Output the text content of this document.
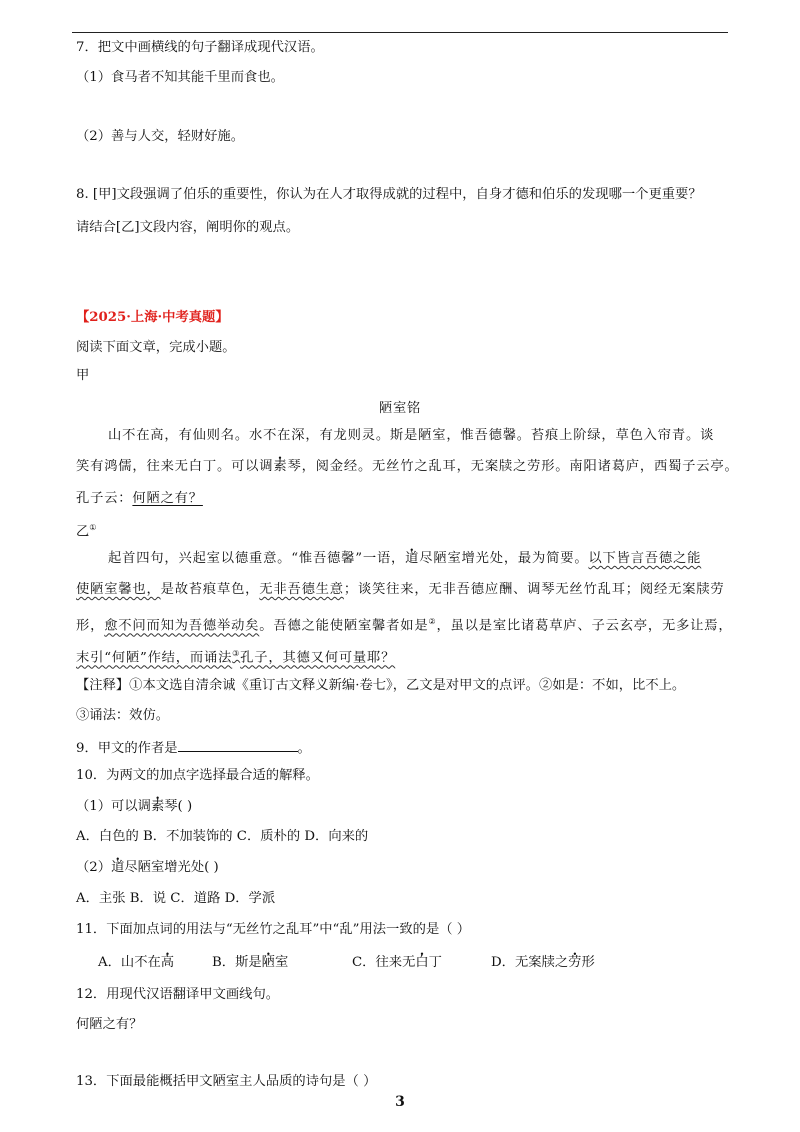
7．把文中画横线的句子翻译成现代汉语。
（1）食马者不知其能千里而食也。
（2）善与人交，轻财好施。
8. [甲]文段强调了伯乐的重要性，你认为在人才取得成就的过程中，自身才德和伯乐的发现哪一个更重要？
请结合[乙]文段内容，阐明你的观点。
【2025·上海·中考真题】
阅读下面文章，完成小题。
甲
陋室铭
山不在高，有仙则名。水不在深，有龙则灵。斯是陋室，惟吾德馨。苔痕上阶绿，草色入帘青。谈
笑有鸿儒，往来无白丁。可以调素琴，阅金经。无丝竹之乱耳，无案牍之劳形。南阳诸葛庐，西蜀子云亭。
孔子云：何陋之有？
乙①
起首四句，兴起室以德重意。“惟吾德馨”一语，道尽陋室增光处，最为简要。以下皆言吾德之能
使陋室馨也，是故苔痕草色，无非吾德生意；谈笑往来，无非吾德应酬、调琴无丝竹乱耳；阅经无案牍劳
形，愈不问而知为吾德举动矣。吾德之能使陋室馨者如是②，虽以是室比诸葛草庐、子云玄亭，无多让焉，
末引“何陋”作结，而诵法③孔子，其德又何可量耶？
【注释】①本文选自清余诚《重订古文释义新编·卷七》，乙文是对甲文的点评。②如是：不如，比不上。
③诵法：效仿。
9．甲文的作者是	。
10．为两文的加点字选择最合适的解释。
（1）可以调素琴( )
A．白色的 B．不加装饰的 C．质朴的 D．向来的
（2）道尽陋室增光处( )
A．主张 B．说 C．道路 D．学派
11．下面加点词的用法与“无丝竹之乱耳”中“乱”用法一致的是（ ）
A．山不在高	B．斯是陋室	C．往来无白丁	D．无案牍之劳形
12．用现代汉语翻译甲文画线句。
何陋之有？
13．下面最能概括甲文陋室主人品质的诗句是（ ）
3
